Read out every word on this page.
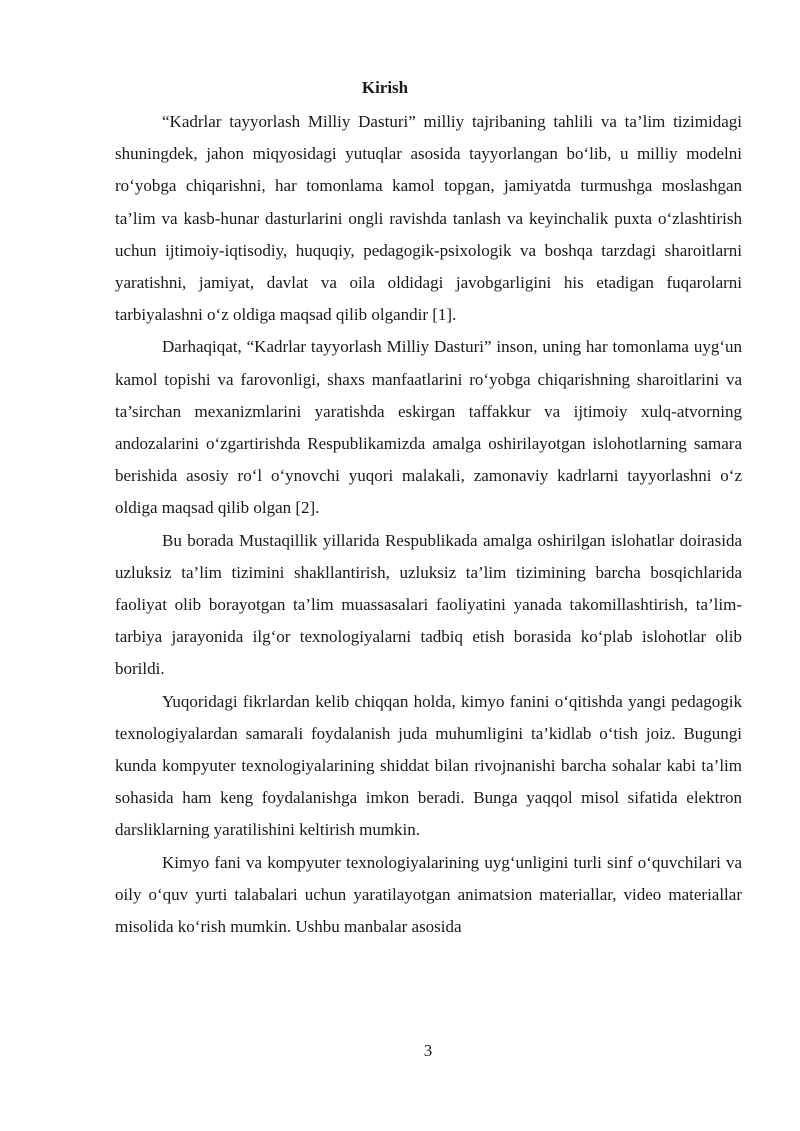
Kirish

“Kadrlar tayyorlash Milliy Dasturi” milliy tajribaning tahlili va ta’lim tizimidagi shuningdek, jahon miqyosidagi yutuqlar asosida tayyorlangan bo‘lib, u milliy modelni ro‘yobga chiqarishni, har tomonlama kamol topgan, jamiyatda turmushga moslashgan ta’lim va kasb-hunar dasturlarini ongli ravishda tanlash va keyinchalik puxta o‘zlashtirish uchun ijtimoiy-iqtisodiy, huquqiy, pedagogik-psixologik va boshqa tarzdagi sharoitlarni yaratishni, jamiyat, davlat va oila oldidagi javobgarligini his etadigan fuqarolarni tarbiyalashni o‘z oldiga maqsad qilib olgandir [1].

Darhaqiqat, “Kadrlar tayyorlash Milliy Dasturi” inson, uning har tomonlama uyg‘un kamol topishi va farovonligi, shaxs manfaatlarini ro‘yobga chiqarishning sharoitlarini va ta’sirchan mexanizmlarini yaratishda eskirgan taffakkur va ijtimoiy xulq-atvorning andozalarini o‘zgartirishda Respublikamizda amalga oshirilayotgan islohotlarning samara berishida asosiy ro‘l o‘ynovchi yuqori malakali, zamonaviy kadrlarni tayyorlashni o‘z oldiga maqsad qilib olgan [2].

Bu borada Mustaqillik yillarida Respublikada amalga oshirilgan islohatlar doirasida uzluksiz ta’lim tizimini shakllantirish, uzluksiz ta’lim tizimining barcha bosqichlarida faoliyat olib borayotgan ta’lim muassasalari faoliyatini yanada takomillashtirish, ta’lim-tarbiya jarayonida ilg‘or texnologiyalarni tadbiq etish borasida ko‘plab islohotlar olib borildi.

Yuqoridagi fikrlardan kelib chiqqan holda, kimyo fanini o‘qitishda yangi pedagogik texnologiyalardan samarali foydalanish juda muhumligini ta’kidlab o‘tish joiz. Bugungi kunda kompyuter texnologiyalarining shiddat bilan rivojnanishi barcha sohalar kabi ta’lim sohasida ham keng foydalanishga imkon beradi. Bunga yaqqol misol sifatida elektron darsliklarning yaratilishini keltirish mumkin.

Kimyo fani va kompyuter texnologiyalarining uyg‘unligini turli sinf o‘quvchilari va oily o‘quv yurti talabalari uchun yaratilayotgan animatsion materiallar, video materiallar misolida ko‘rish mumkin. Ushbu manbalar asosida

3
